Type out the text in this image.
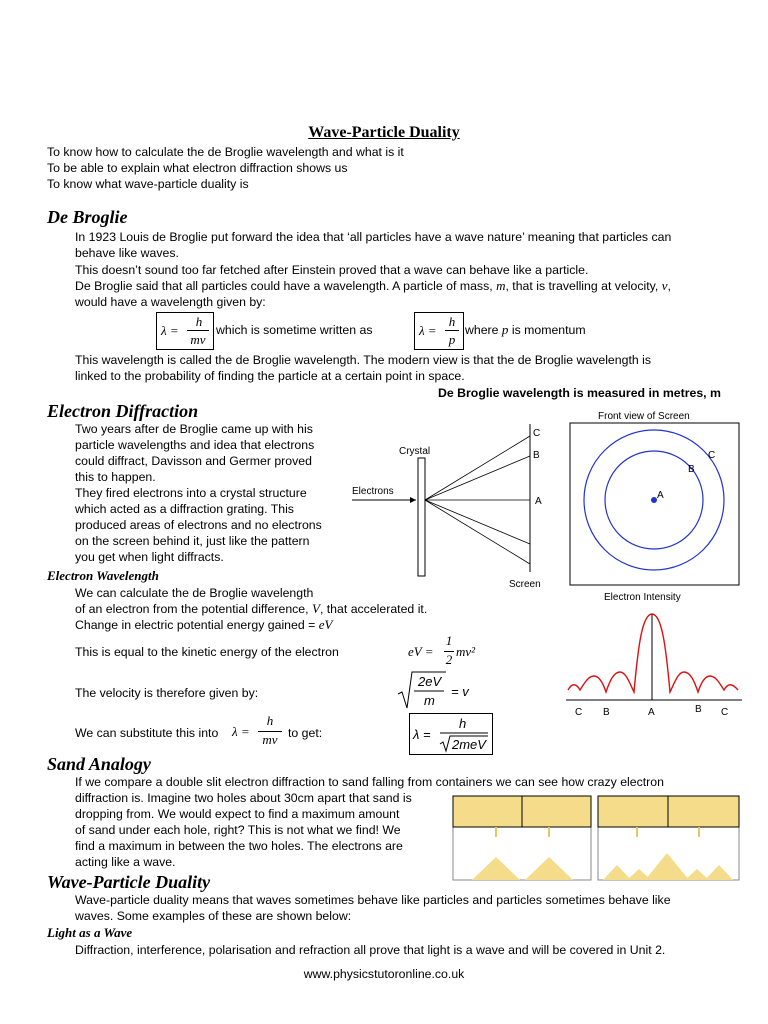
Wave-Particle Duality
To know how to calculate the de Broglie wavelength and what is it
To be able to explain what electron diffraction shows us
To know what wave-particle duality is
De Broglie
In 1923 Louis de Broglie put forward the idea that ‘all particles have a wave nature’ meaning that particles can
behave like waves.
This doesn’t sound too far fetched after Einstein proved that a wave can behave like a particle.
De Broglie said that all particles could have a wavelength. A particle of mass, m, that is travelling at velocity, v,
would have a wavelength given by:
λ =
h
mv
which is sometime written as	λ =
h
p
where p is momentum
This wavelength is called the de Broglie wavelength. The modern view is that the de Broglie wavelength is
linked to the probability of finding the particle at a certain point in space.
De Broglie wavelength is measured in metres, m
Electron Diffraction
Two years after de Broglie came up with his
particle wavelengths and idea that electrons
could diffract, Davisson and Germer proved
this to happen.
They fired electrons into a crystal structure
which acted as a diffraction grating. This
produced areas of electrons and no electrons
on the screen behind it, just like the pattern
you get when light diffracts.
Crystal
Electrons
C
B
A
Screen
Front view of Screen
A
B
C
Electron Intensity
C B	A	B C
Electron Wavelength
We can calculate the de Broglie wavelength
of an electron from the potential difference, V, that accelerated it.
Change in electric potential energy gained = eV
This is equal to the kinetic energy of the electron	eV =
1
2
mv²
The velocity is therefore given by:
2eV
m
= v
We can substitute this into λ =
h
mv to get:	λ =
h
2meV
Sand Analogy
If we compare a double slit electron diffraction to sand falling from containers we can see how crazy electron
diffraction is. Imagine two holes about 30cm apart that sand is
dropping from. We would expect to find a maximum amount
of sand under each hole, right? This is not what we find! We
find a maximum in between the two holes. The electrons are
acting like a wave.
Wave-Particle Duality
Wave-particle duality means that waves sometimes behave like particles and particles sometimes behave like
waves. Some examples of these are shown below:
Light as a Wave
Diffraction, interference, polarisation and refraction all prove that light is a wave and will be covered in Unit 2.
www.physicstutoronline.co.uk
